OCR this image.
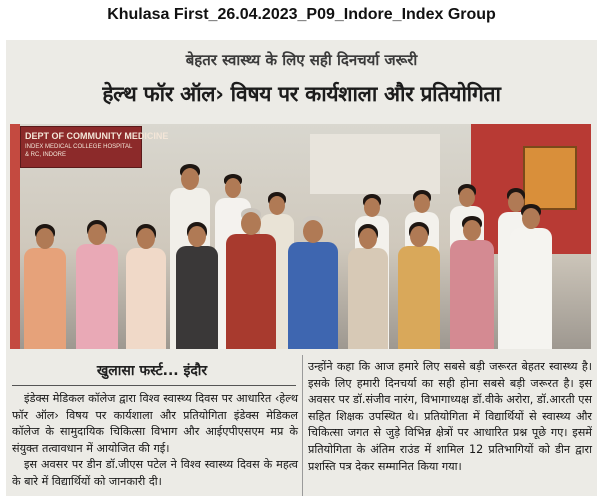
Khulasa First_26.04.2023_P09_Indore_Index Group
बेहतर स्वास्थ्य के लिए सही दिनचर्या जरूरी
हेल्थ फॉर ऑल› विषय पर कार्यशाला और प्रतियोगिता
DEPT OF COMMUNITY MEDICINE
INDEX MEDICAL COLLEGE HOSPITAL & RC, INDORE
खुलासा फर्स्ट... इंदौर

इंडेक्स मेडिकल कॉलेज द्वारा विश्व स्वास्थ्य दिवस पर आधारित ‹हेल्थ फॉर ऑल› विषय पर कार्यशाला और प्रतियोगिता इंडेक्स मेडिकल कॉलेज के सामुदायिक चिकित्सा विभाग और आईएपीएसएम मप्र के संयुक्त तत्वावधान में आयोजित की गई।

इस अवसर पर डीन डॉ.जीएस पटेल ने विश्व स्वास्थ्य दिवस के महत्व के बारे में विद्यार्थियों को जानकारी दी।

उन्होंने कहा कि आज हमारे लिए सबसे बड़ी जरूरत बेहतर स्वास्थ्य है। इसके लिए हमारी दिनचर्या का सही होना सबसे बड़ी जरूरत है। इस अवसर पर डॉ.संजीव नारंग, विभागाध्यक्ष डॉ.वीके अरोरा, डॉ.आरती एस सहित शिक्षक उपस्थित थे। प्रतियोगिता में विद्यार्थियों से स्वास्थ्य और चिकित्सा जगत से जुड़े विभिन्न क्षेत्रों पर आधारित प्रश्न पूछे गए। इसमें प्रतियोगिता के अंतिम राउंड में शामिल 12 प्रतिभागियों को डीन द्वारा प्रशस्ति पत्र देकर सम्मानित किया गया।
